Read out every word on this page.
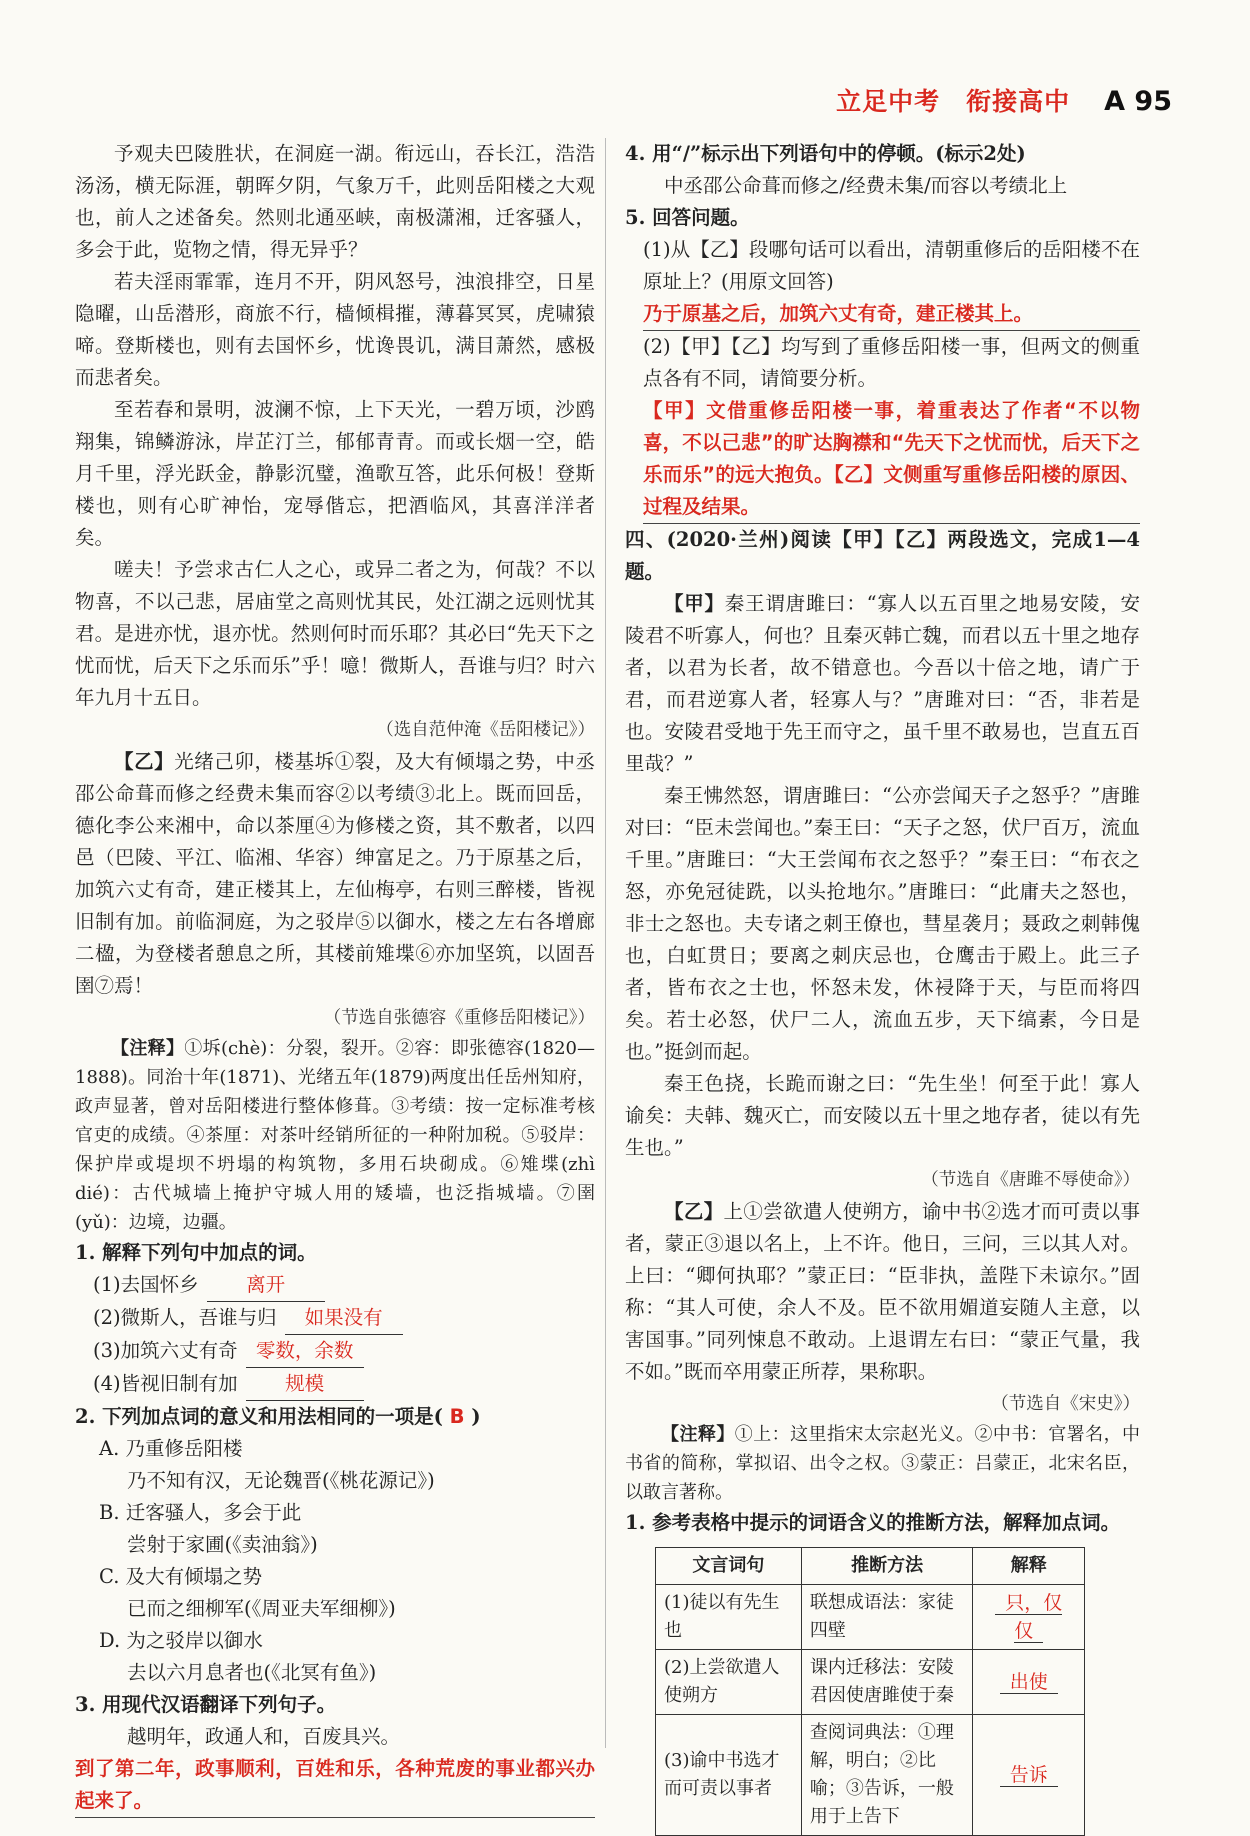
立足中考 衔接高中 A 95

予观夫巴陵胜状，在洞庭一湖。衔远山，吞长江，浩浩汤汤，横无际涯，朝晖夕阴，气象万千，此则岳阳楼之大观也，前人之述备矣。然则北通巫峡，南极潇湘，迁客骚人，多会于此，览物之情，得无异乎？

若夫淫雨霏霏，连月不开，阴风怒号，浊浪排空，日星隐曜，山岳潜形，商旅不行，樯倾楫摧，薄暮冥冥，虎啸猿啼。登斯楼也，则有去国怀乡，忧谗畏讥，满目萧然，感极而悲者矣。

至若春和景明，波澜不惊，上下天光，一碧万顷，沙鸥翔集，锦鳞游泳，岸芷汀兰，郁郁青青。而或长烟一空，皓月千里，浮光跃金，静影沉璧，渔歌互答，此乐何极！登斯楼也，则有心旷神怡，宠辱偕忘，把酒临风，其喜洋洋者矣。

嗟夫！予尝求古仁人之心，或异二者之为，何哉？不以物喜，不以己悲，居庙堂之高则忧其民，处江湖之远则忧其君。是进亦忧，退亦忧。然则何时而乐耶？其必曰“先天下之忧而忧，后天下之乐而乐”乎！噫！微斯人，吾谁与归？时六年九月十五日。

（选自范仲淹《岳阳楼记》）

【乙】光绪己卯，楼基坼①裂，及大有倾塌之势，中丞邵公命葺而修之经费未集而容②以考绩③北上。既而回岳，德化李公来湘中，命以茶厘④为修楼之资，其不敷者，以四邑（巴陵、平江、临湘、华容）绅富足之。乃于原基之后，加筑六丈有奇，建正楼其上，左仙梅亭，右则三醉楼，皆视旧制有加。前临洞庭，为之驳岸⑤以御水，楼之左右各增廊二楹，为登楼者憩息之所，其楼前雉堞⑥亦加坚筑，以固吾圉⑦焉！

（节选自张德容《重修岳阳楼记》）

【注释】①坼(chè)：分裂，裂开。②容：即张德容(1820—1888)。同治十年(1871)、光绪五年(1879)两度出任岳州知府，政声显著，曾对岳阳楼进行整体修葺。③考绩：按一定标准考核官吏的成绩。④茶厘：对茶叶经销所征的一种附加税。⑤驳岸：保护岸或堤坝不坍塌的构筑物，多用石块砌成。⑥雉堞(zhì dié)：古代城墙上掩护守城人用的矮墙，也泛指城墙。⑦圉(yǔ)：边境，边疆。

1. 解释下列句中加点的词。

(1)去国怀乡 离开

(2)微斯人，吾谁与归 如果没有

(3)加筑六丈有奇 零数，余数

(4)皆视旧制有加 规模

2. 下列加点词的意义和用法相同的一项是( B )

A. 乃重修岳阳楼

乃不知有汉，无论魏晋(《桃花源记》)

B. 迁客骚人，多会于此

尝射于家圃(《卖油翁》)

C. 及大有倾塌之势

已而之细柳军(《周亚夫军细柳》)

D. 为之驳岸以御水

去以六月息者也(《北冥有鱼》)

3. 用现代汉语翻译下列句子。

越明年，政通人和，百废具兴。

到了第二年，政事顺利，百姓和乐，各种荒废的事业都兴办起来了。

4. 用“/”标示出下列语句中的停顿。(标示2处)

中丞邵公命葺而修之/经费未集/而容以考绩北上

5. 回答问题。

(1)从【乙】段哪句话可以看出，清朝重修后的岳阳楼不在原址上？(用原文回答)

乃于原基之后，加筑六丈有奇，建正楼其上。

(2)【甲】【乙】均写到了重修岳阳楼一事，但两文的侧重点各有不同，请简要分析。

【甲】文借重修岳阳楼一事，着重表达了作者“不以物喜，不以己悲”的旷达胸襟和“先天下之忧而忧，后天下之乐而乐”的远大抱负。【乙】文侧重写重修岳阳楼的原因、过程及结果。

四、(2020·兰州)阅读【甲】【乙】两段选文，完成1—4题。

【甲】秦王谓唐雎曰：“寡人以五百里之地易安陵，安陵君不听寡人，何也？且秦灭韩亡魏，而君以五十里之地存者，以君为长者，故不错意也。今吾以十倍之地，请广于君，而君逆寡人者，轻寡人与？”唐雎对曰：“否，非若是也。安陵君受地于先王而守之，虽千里不敢易也，岂直五百里哉？”

秦王怫然怒，谓唐雎曰：“公亦尝闻天子之怒乎？”唐雎对曰：“臣未尝闻也。”秦王曰：“天子之怒，伏尸百万，流血千里。”唐雎曰：“大王尝闻布衣之怒乎？”秦王曰：“布衣之怒，亦免冠徒跣，以头抢地尔。”唐雎曰：“此庸夫之怒也，非士之怒也。夫专诸之刺王僚也，彗星袭月；聂政之刺韩傀也，白虹贯日；要离之刺庆忌也，仓鹰击于殿上。此三子者，皆布衣之士也，怀怒未发，休祲降于天，与臣而将四矣。若士必怒，伏尸二人，流血五步，天下缟素，今日是也。”挺剑而起。

秦王色挠，长跪而谢之曰：“先生坐！何至于此！寡人谕矣：夫韩、魏灭亡，而安陵以五十里之地存者，徒以有先生也。”

（节选自《唐雎不辱使命》）

【乙】上①尝欲遣人使朔方，谕中书②选才而可责以事者，蒙正③退以名上，上不许。他日，三问，三以其人对。上曰：“卿何执耶？”蒙正曰：“臣非执，盖陛下未谅尔。”固称：“其人可使，余人不及。臣不欲用媚道妄随人主意，以害国事。”同列悚息不敢动。上退谓左右曰：“蒙正气量，我不如。”既而卒用蒙正所荐，果称职。

（节选自《宋史》）

【注释】①上：这里指宋太宗赵光义。②中书：官署名，中书省的简称，掌拟诏、出令之权。③蒙正：吕蒙正，北宋名臣，以敢言著称。

1. 参考表格中提示的词语含义的推断方法，解释加点词。

文言词句	推断方法	解释
(1)徒以有先生也	联想成语法：家徒四壁	只，仅仅
(2)上尝欲遣人使朔方	课内迁移法：安陵君因使唐雎使于秦	出使
(3)谕中书选才而可责以事者	查阅词典法：①理解，明白；②比喻；③告诉，一般用于上告下	告诉
